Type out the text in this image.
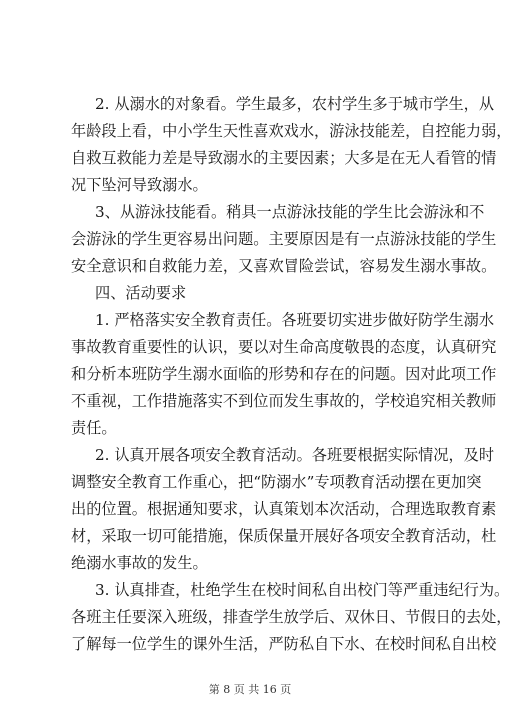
2. 从溺水的对象看。学生最多，农村学生多于城市学生，从
年龄段上看，中小学生天性喜欢戏水，游泳技能差，自控能力弱，
自救互救能力差是导致溺水的主要因素；大多是在无人看管的情
况下坠河导致溺水。
3、从游泳技能看。稍具一点游泳技能的学生比会游泳和不
会游泳的学生更容易出问题。主要原因是有一点游泳技能的学生
安全意识和自救能力差，又喜欢冒险尝试，容易发生溺水事故。
四、活动要求
1. 严格落实安全教育责任。各班要切实进步做好防学生溺水
事故教育重要性的认识，要以对生命高度敬畏的态度，认真研究
和分析本班防学生溺水面临的形势和存在的问题。因对此项工作
不重视，工作措施落实不到位而发生事故的，学校追究相关教师
责任。
2. 认真开展各项安全教育活动。各班要根据实际情况，及时
调整安全教育工作重心，把“防溺水”专项教育活动摆在更加突
出的位置。根据通知要求，认真策划本次活动，合理选取教育素
材，采取一切可能措施，保质保量开展好各项安全教育活动，杜
绝溺水事故的发生。
3. 认真排查，杜绝学生在校时间私自出校门等严重违纪行为。
各班主任要深入班级，排查学生放学后、双休日、节假日的去处，
了解每一位学生的课外生活，严防私自下水、在校时间私自出校
第 8 页 共 16 页
